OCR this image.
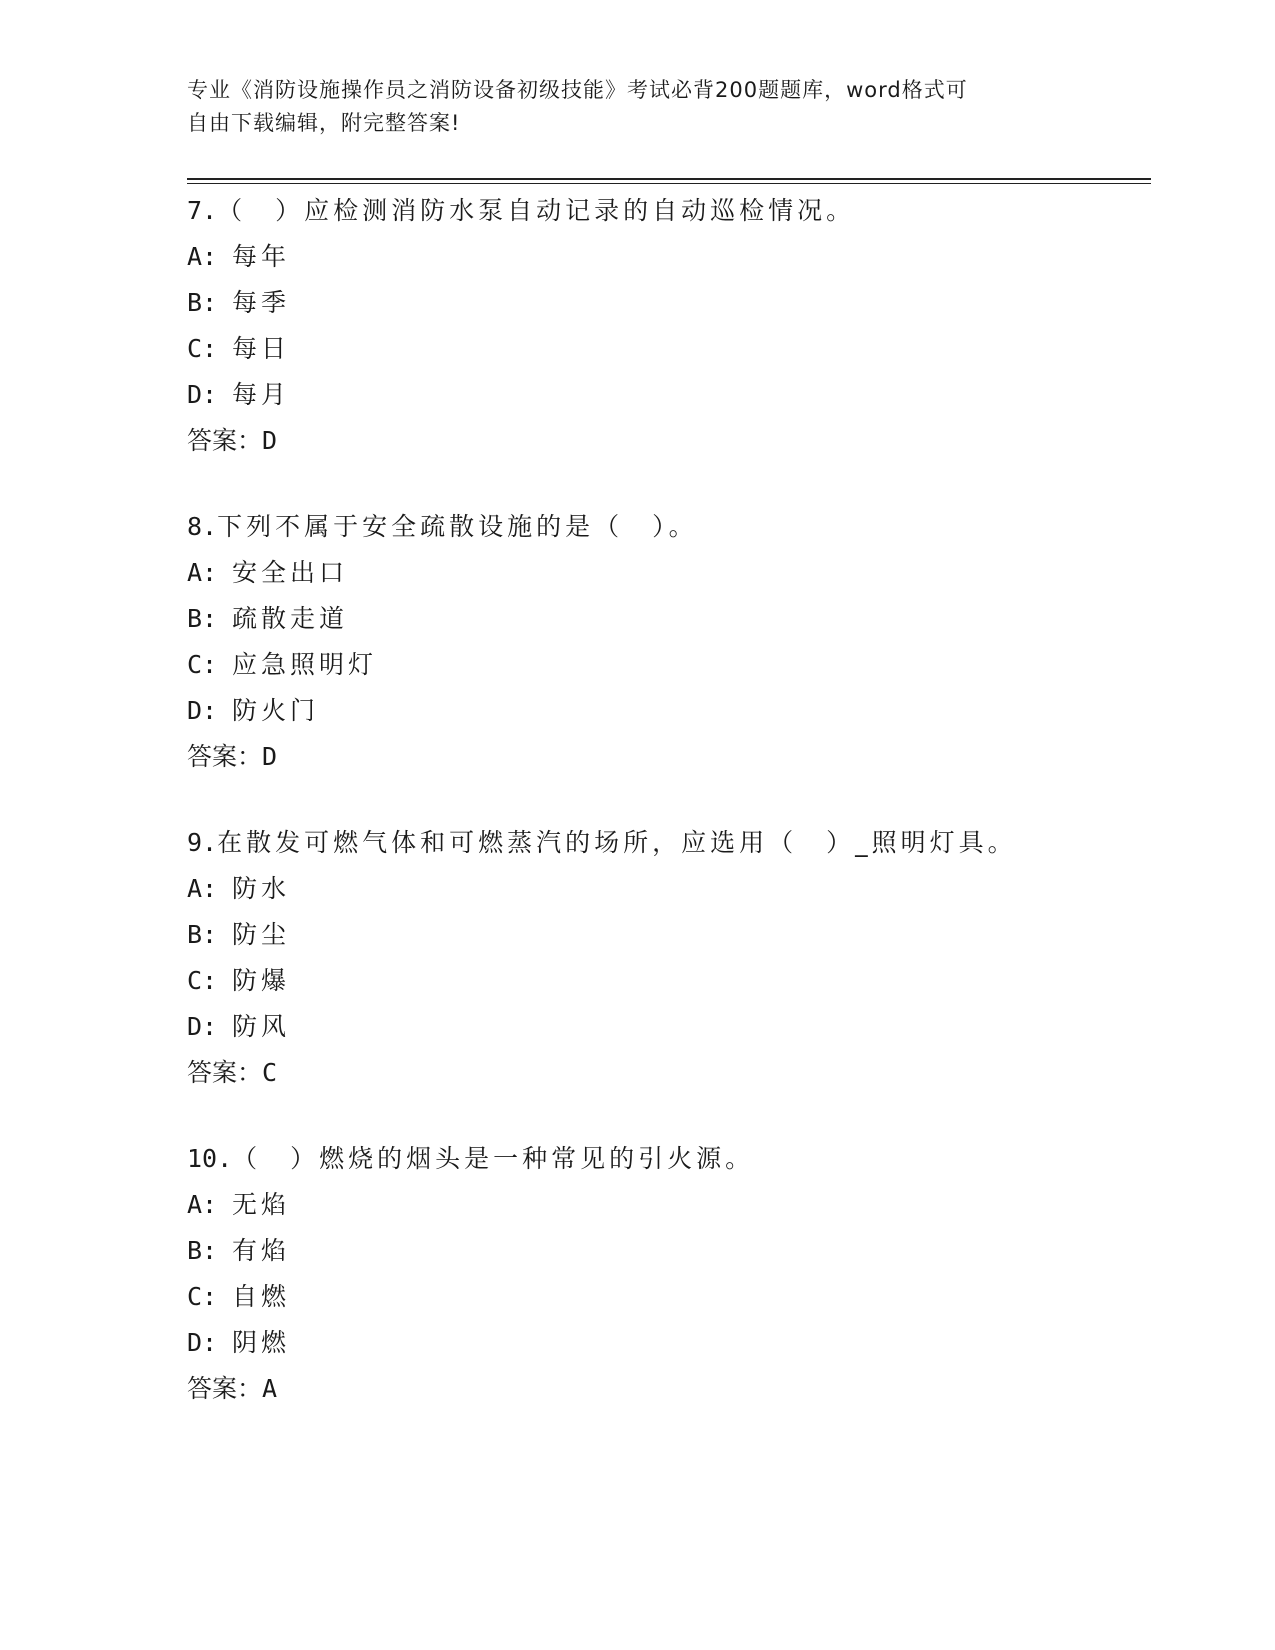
专业《消防设施操作员之消防设备初级技能》考试必背200题题库，word格式可
自由下载编辑，附完整答案!
7.（　）应检测消防水泵自动记录的自动巡检情况。
A: 每年
B: 每季
C: 每日
D: 每月
答案：D
8.下列不属于安全疏散设施的是（　）。
A: 安全出口
B: 疏散走道
C: 应急照明灯
D: 防火门
答案：D
9.在散发可燃气体和可燃蒸汽的场所，应选用（　）_照明灯具。
A: 防水
B: 防尘
C: 防爆
D: 防风
答案：C
10.（　）燃烧的烟头是一种常见的引火源。
A: 无焰
B: 有焰
C: 自燃
D: 阴燃
答案：A
